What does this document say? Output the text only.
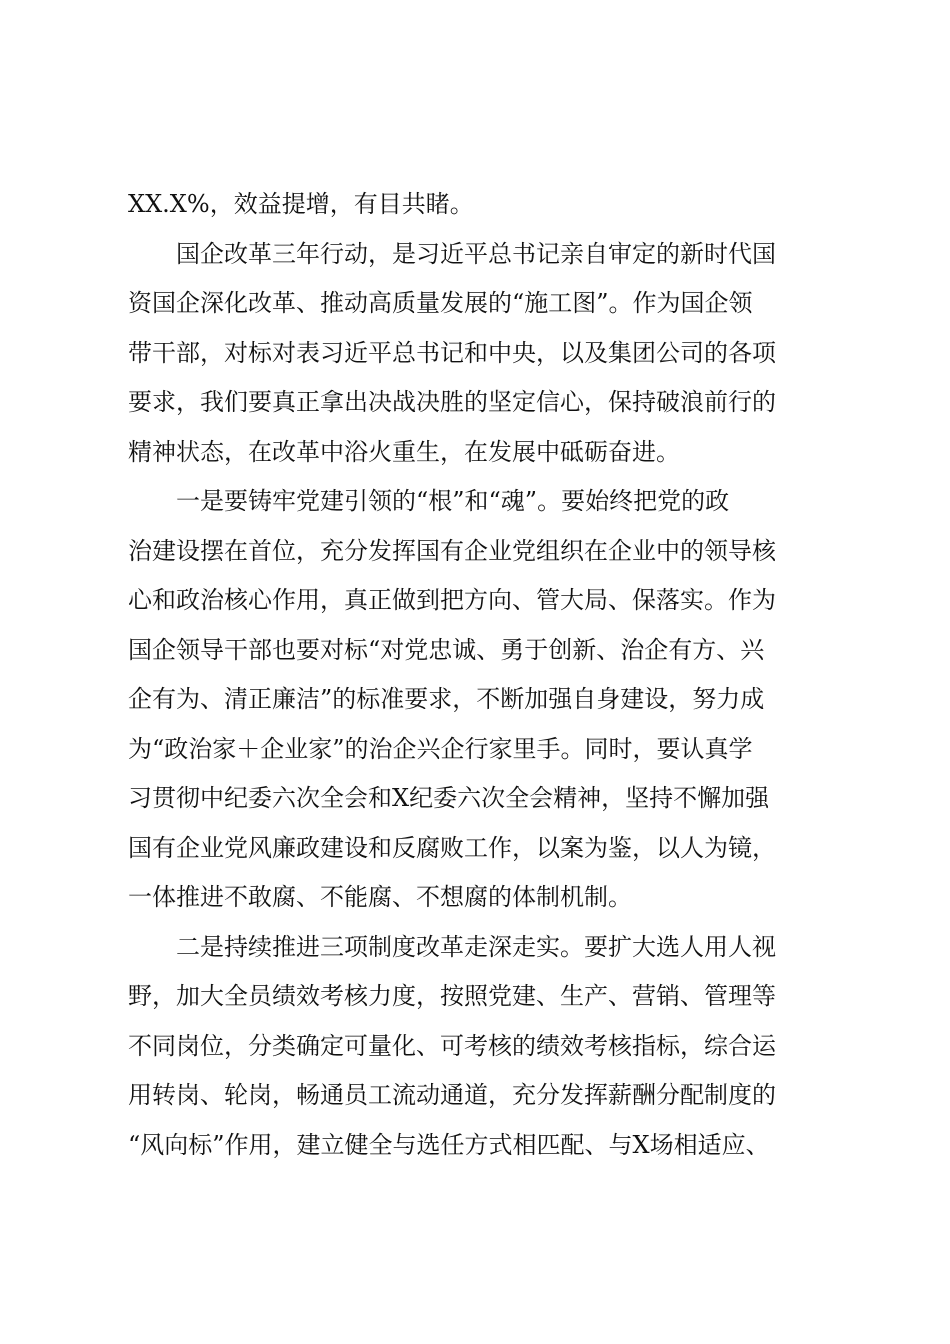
XX.X%，效益提增，有目共睹。
国企改革三年行动，是习近平总书记亲自审定的新时代国
资国企深化改革、推动高质量发展的“施工图”。作为国企领
带干部，对标对表习近平总书记和中央，以及集团公司的各项
要求，我们要真正拿出决战决胜的坚定信心，保持破浪前行的
精神状态，在改革中浴火重生，在发展中砥砺奋进。
一是要铸牢党建引领的“根”和“魂”。要始终把党的政
治建设摆在首位，充分发挥国有企业党组织在企业中的领导核
心和政治核心作用，真正做到把方向、管大局、保落实。作为
国企领导干部也要对标“对党忠诚、勇于创新、治企有方、兴
企有为、清正廉洁”的标准要求，不断加强自身建设，努力成
为“政治家＋企业家”的治企兴企行家里手。同时，要认真学
习贯彻中纪委六次全会和X纪委六次全会精神，坚持不懈加强
国有企业党风廉政建设和反腐败工作，以案为鉴，以人为镜，
一体推进不敢腐、不能腐、不想腐的体制机制。
二是持续推进三项制度改革走深走实。要扩大选人用人视
野，加大全员绩效考核力度，按照党建、生产、营销、管理等
不同岗位，分类确定可量化、可考核的绩效考核指标，综合运
用转岗、轮岗，畅通员工流动通道，充分发挥薪酬分配制度的
“风向标”作用，建立健全与选任方式相匹配、与X场相适应、
